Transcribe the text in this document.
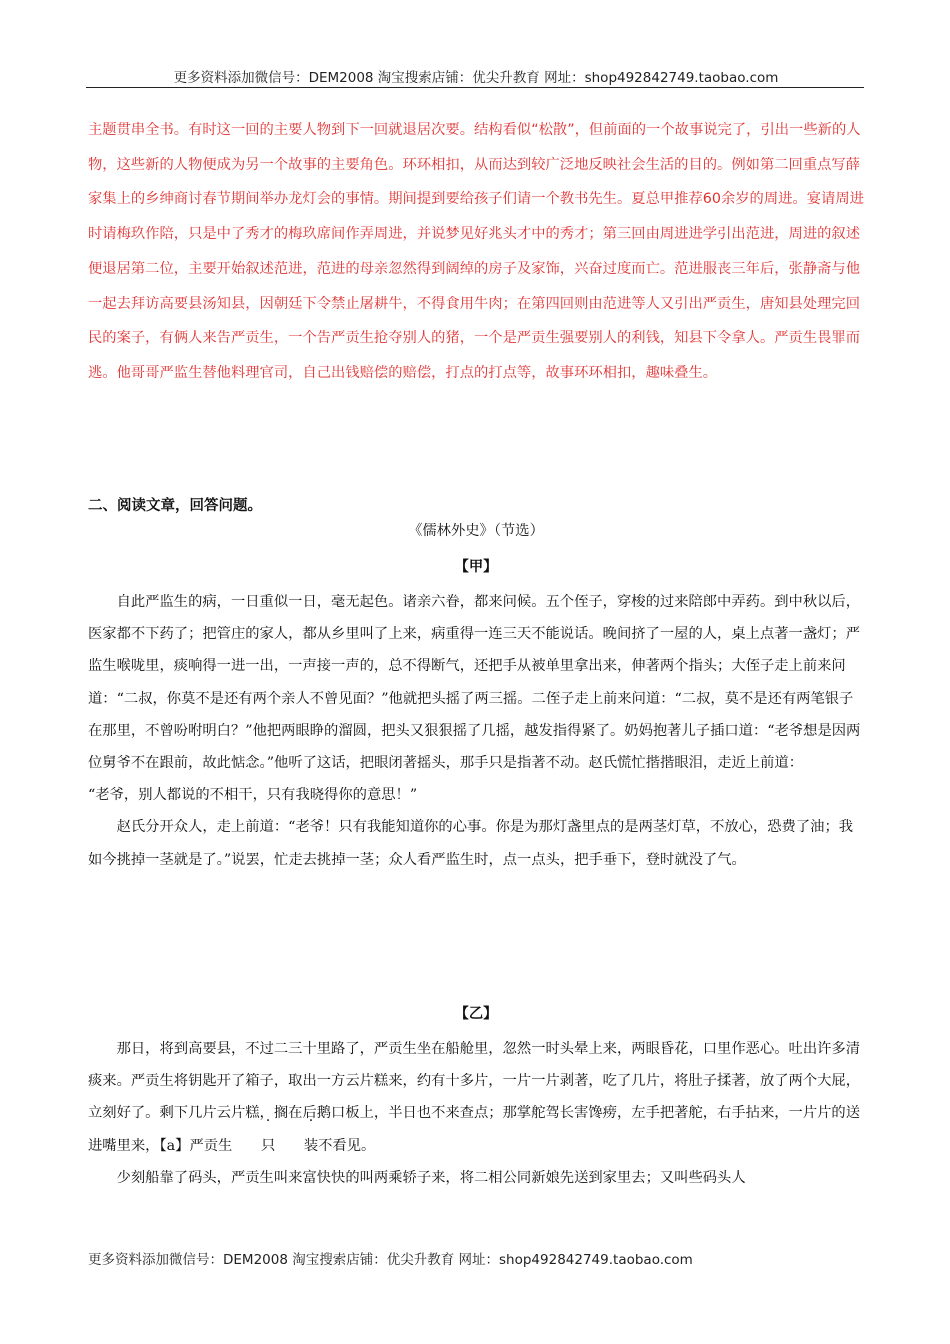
更多资料添加微信号：DEM2008 淘宝搜索店铺：优尖升教育 网址：shop492842749.taobao.com

主题贯串全书。有时这一回的主要人物到下一回就退居次要。结构看似“松散”，但前面的一个故事说完了，引出一些新的人物，这些新的人物便成为另一个故事的主要角色。环环相扣，从而达到较广泛地反映社会生活的目的。例如第二回重点写薛家集上的乡绅商讨春节期间举办龙灯会的事情。期间提到要给孩子们请一个教书先生。夏总甲推荐60余岁的周进。宴请周进时请梅玖作陪，只是中了秀才的梅玖席间作弄周进，并说梦见好兆头才中的秀才；第三回由周进进学引出范进，周进的叙述便退居第二位，主要开始叙述范进，范进的母亲忽然得到阔绰的房子及家饰，兴奋过度而亡。范进服丧三年后，张静斋与他一起去拜访高要县汤知县，因朝廷下令禁止屠耕牛，不得食用牛肉；在第四回则由范进等人又引出严贡生，唐知县处理完回民的案子，有俩人来告严贡生，一个告严贡生抢夺别人的猪，一个是严贡生强要别人的利钱，知县下令拿人。严贡生畏罪而逃。他哥哥严监生替他料理官司，自己出钱赔偿的赔偿，打点的打点等，故事环环相扣，趣味叠生。

二、阅读文章，回答问题。
《儒林外史》（节选）
【甲】

自此严监生的病，一日重似一日，毫无起色。诸亲六眷，都来问候。五个侄子，穿梭的过来陪郎中弄药。到中秋以后，医家都不下药了；把管庄的家人，都从乡里叫了上来，病重得一连三天不能说话。晚间挤了一屋的人，桌上点著一盏灯；严监生喉咙里，痰响得一进一出，一声接一声的，总不得断气，还把手从被单里拿出来，伸著两个指头；大侄子走上前来问道：“二叔，你莫不是还有两个亲人不曾见面？”他就把头摇了两三摇。二侄子走上前来问道：“二叔，莫不是还有两笔银子在那里，不曾吩咐明白？”他把两眼睁的溜圆，把头又狠狠摇了几摇，越发指得紧了。奶妈抱著儿子插口道：“老爷想是因两位舅爷不在跟前，故此惦念。”他听了这话，把眼闭著摇头，那手只是指著不动。赵氏慌忙揩揩眼泪，走近上前道：

“老爷，别人都说的不相干，只有我晓得你的意思！”

赵氏分开众人，走上前道：“老爷！只有我能知道你的心事。你是为那灯盏里点的是两茎灯草，不放心，恐费了油；我如今挑掉一茎就是了。”说罢，忙走去挑掉一茎；众人看严监生时，点一点头，把手垂下，登时就没了气。

【乙】

那日，将到高要县，不过二三十里路了，严贡生坐在船舱里，忽然一时头晕上来，两眼昏花，口里作恶心。吐出许多清痰来。严贡生将钥匙开了箱子，取出一方云片糕来，约有十多片，一片一片剥著，吃了几片，将肚子揉著，放了两个大屁，立刻好了。剩下几片云片糕，搁在后鹅口板上，半日也不来查点；那掌舵驾长害馋痨，左手把著舵，右手拈来，一片片的送进嘴里来，【a】严贡生 只 装不看见。

少刻船靠了码头，严贡生叫来富快快的叫两乘轿子来，将二相公同新娘先送到家里去；又叫些码头人

更多资料添加微信号：DEM2008 淘宝搜索店铺：优尖升教育 网址：shop492842749.taobao.com
